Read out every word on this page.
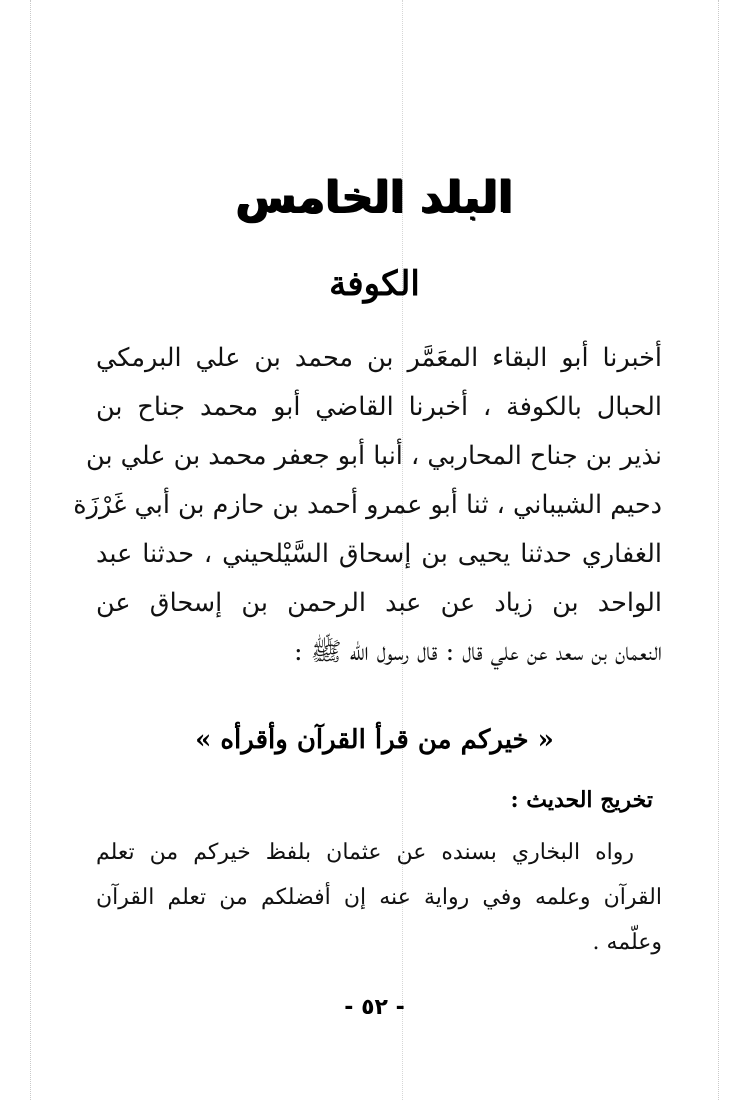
البلد الخامس
الكوفة
أخبرنا أبو البقاء المعَمَّر بن محمد بن علي البرمكي
الحبال بالكوفة ، أخبرنا القاضي أبو محمد جناح بن
نذير بن جناح المحاربي ، أنبا أبو جعفر محمد بن علي بن
دحيم الشيباني ، ثنا أبو عمرو أحمد بن حازم بن أبي غَرْزَة
الغفاري حدثنا يحيى بن إسحاق السَّيْلحيني ، حدثنا عبد
الواحد بن زياد عن عبد الرحمن بن إسحاق عن
النعمان بن سعد عن علي قال : قال رسول الله ﷺ :
« خيركم من قرأ القرآن وأقرأه »
تخريج الحديث :
رواه البخاري بسنده عن عثمان بلفظ خيركم من تعلم
القرآن وعلمه وفي رواية عنه إن أفضلكم من تعلم القرآن
وعلّمه .
- ٥٢ -
